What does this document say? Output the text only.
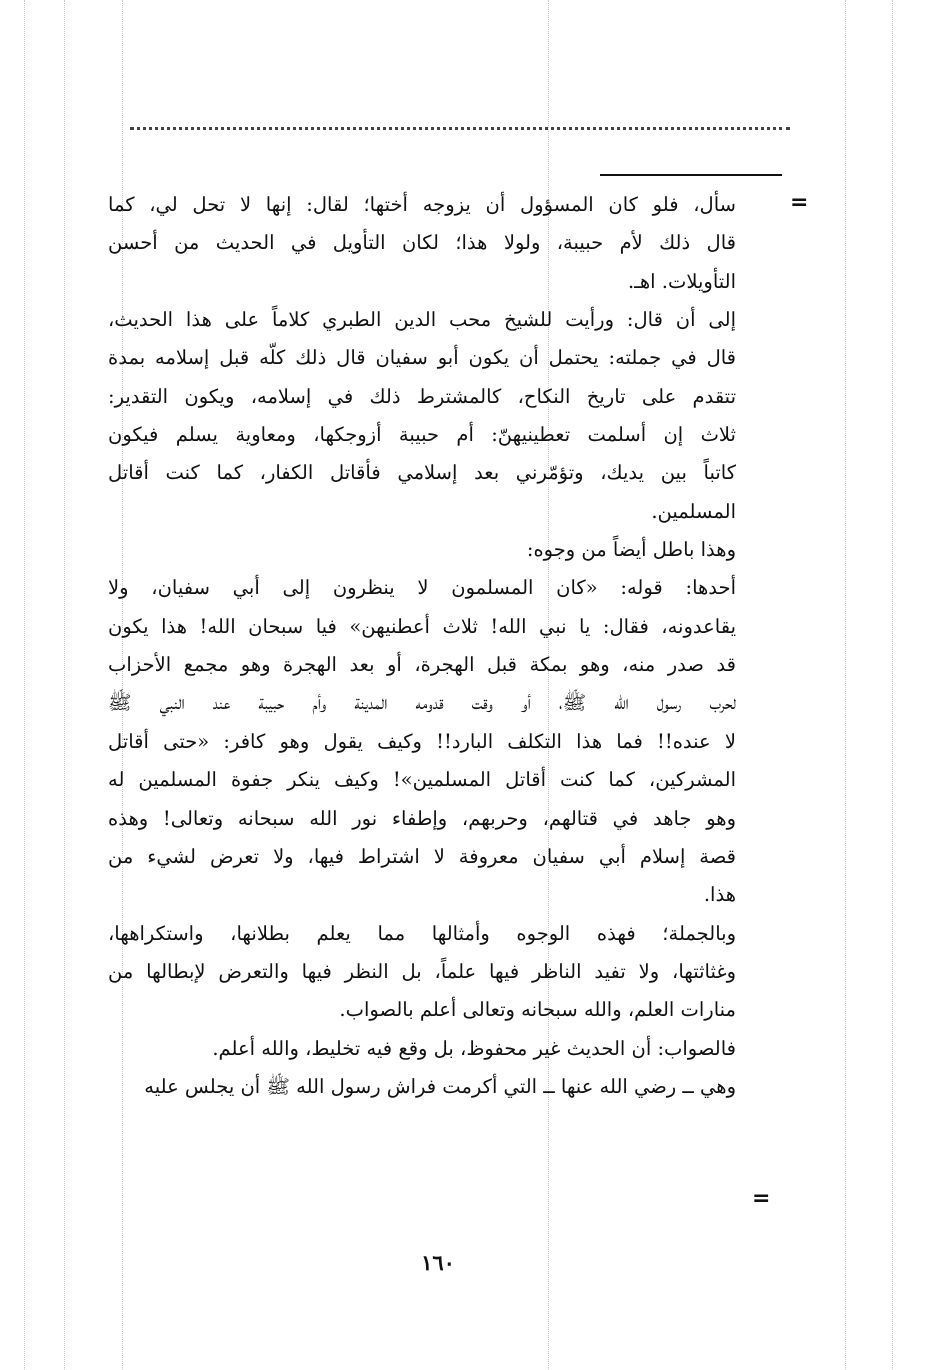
=
سأل، فلو كان المسؤول أن يزوجه أختها؛ لقال: إنها لا تحل لي، كما
قال ذلك لأم حبيبة، ولولا هذا؛ لكان التأويل في الحديث من أحسن
التأويلات. اهـ.
إلى أن قال: ورأيت للشيخ محب الدين الطبري كلاماً على هذا الحديث،
قال في جملته: يحتمل أن يكون أبو سفيان قال ذلك كلّه قبل إسلامه بمدة
تتقدم على تاريخ النكاح، كالمشترط ذلك في إسلامه، ويكون التقدير:
ثلاث إن أسلمت تعطينيهنّ: أم حبيبة أزوجكها، ومعاوية يسلم فيكون
كاتباً بين يديك، وتؤمّرني بعد إسلامي فأقاتل الكفار، كما كنت أقاتل
المسلمين.
وهذا باطل أيضاً من وجوه:
أحدها: قوله: «كان المسلمون لا ينظرون إلى أبي سفيان، ولا
يقاعدونه، فقال: يا نبي الله! ثلاث أعطنيهن» فيا سبحان الله! هذا يكون
قد صدر منه، وهو بمكة قبل الهجرة، أو بعد الهجرة وهو مجمع الأحزاب
لحرب رسول الله ﷺ، أو وقت قدومه المدينة وأم حبيبة عند النبي ﷺ
لا عنده!! فما هذا التكلف البارد!! وكيف يقول وهو كافر: «حتى أقاتل
المشركين، كما كنت أقاتل المسلمين»! وكيف ينكر جفوة المسلمين له
وهو جاهد في قتالهم، وحربهم، وإطفاء نور الله سبحانه وتعالى! وهذه
قصة إسلام أبي سفيان معروفة لا اشتراط فيها، ولا تعرض لشيء من
هذا.
وبالجملة؛ فهذه الوجوه وأمثالها مما يعلم بطلانها، واستكراهها،
وغثاثتها، ولا تفيد الناظر فيها علماً، بل النظر فيها والتعرض لإبطالها من
منارات العلم، والله سبحانه وتعالى أعلم بالصواب.
فالصواب: أن الحديث غير محفوظ، بل وقع فيه تخليط، والله أعلم.
وهي ــ رضي الله عنها ــ التي أكرمت فراش رسول الله ﷺ أن يجلس عليه
=
١٦٠
